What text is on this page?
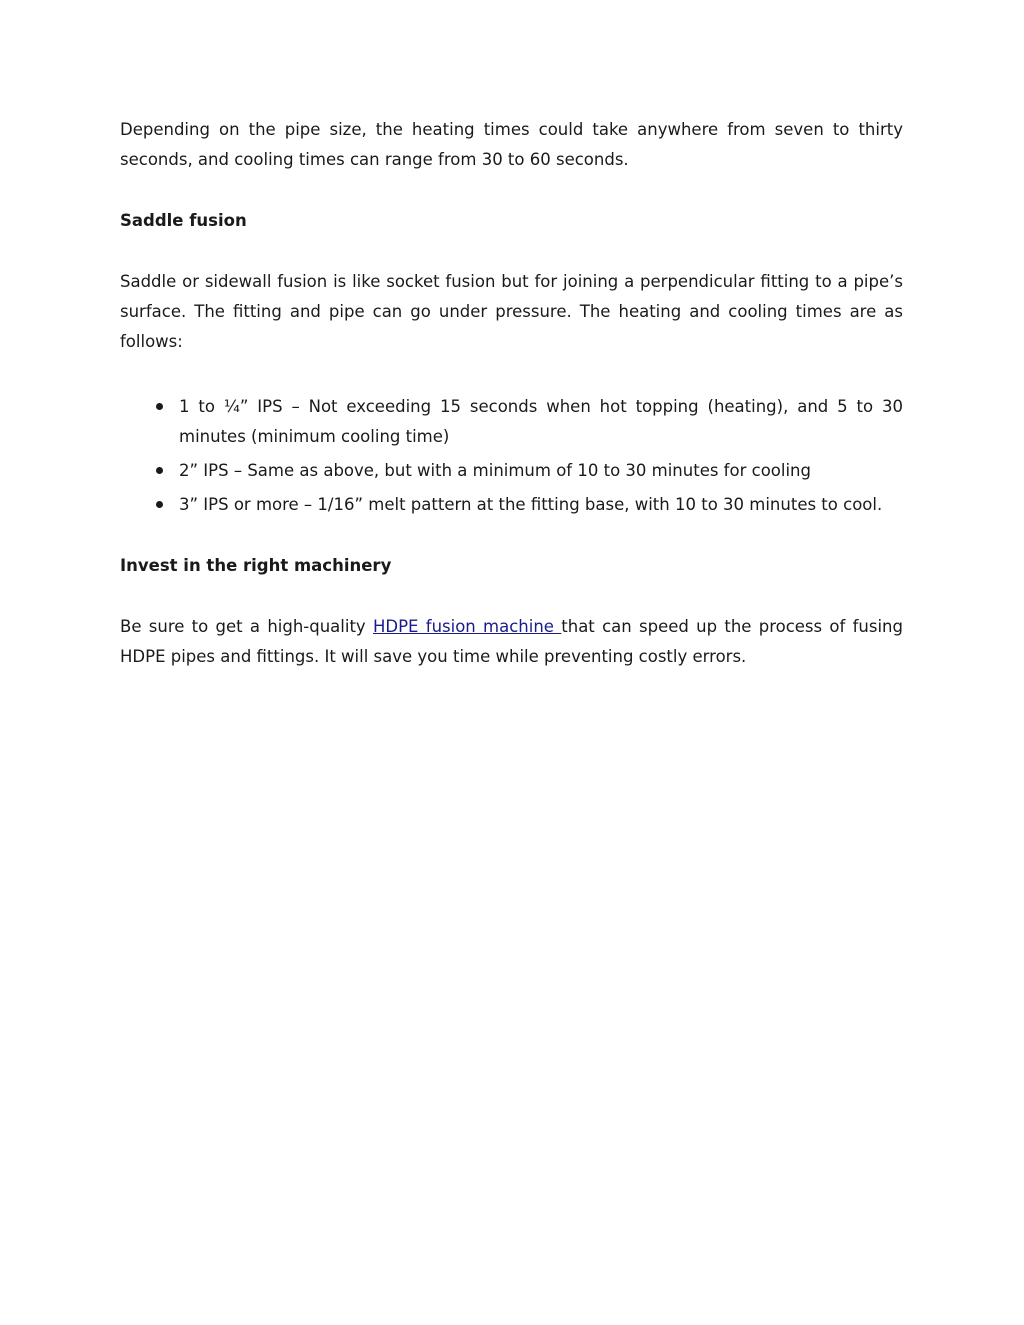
Depending on the pipe size, the heating times could take anywhere from seven to thirty seconds, and cooling times can range from 30 to 60 seconds.

Saddle fusion

Saddle or sidewall fusion is like socket fusion but for joining a perpendicular fitting to a pipe’s surface. The fitting and pipe can go under pressure. The heating and cooling times are as follows:

1 to ¼” IPS – Not exceeding 15 seconds when hot topping (heating), and 5 to 30 minutes (minimum cooling time)
2” IPS – Same as above, but with a minimum of 10 to 30 minutes for cooling
3” IPS or more – 1/16” melt pattern at the fitting base, with 10 to 30 minutes to cool.

Invest in the right machinery

Be sure to get a high-quality HDPE fusion machine that can speed up the process of fusing HDPE pipes and fittings. It will save you time while preventing costly errors.
